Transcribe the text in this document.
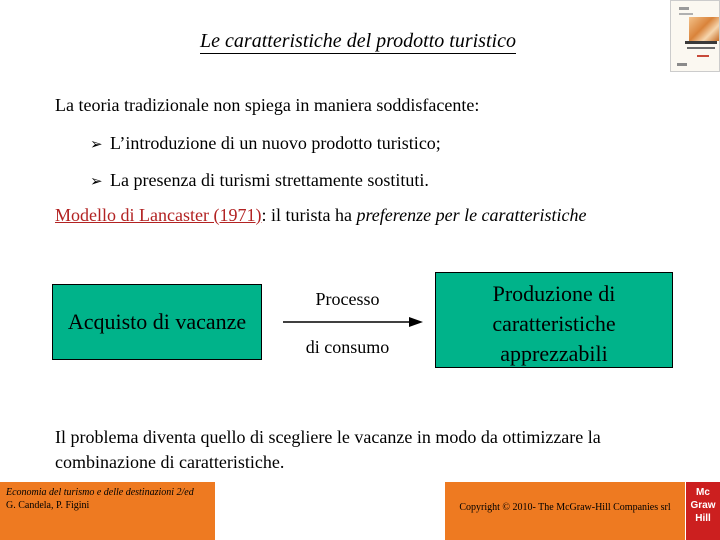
Le caratteristiche del prodotto turistico
La teoria tradizionale non spiega in maniera soddisfacente:
➢ L’introduzione di un nuovo prodotto turistico;
➢ La presenza di turismi strettamente sostituti.
Modello di Lancaster (1971): il turista ha preferenze per le caratteristiche
Acquisto di vacanze
Processo
di consumo
Produzione di
caratteristiche
apprezzabili
Il problema diventa quello di scegliere le vacanze in modo da ottimizzare la combinazione di caratteristiche.
Economia del turismo e delle destinazioni 2/ed
G. Candela, P. Figini	Copyright © 2010- The McGraw-Hill Companies srl
Mc
Graw
Hill
